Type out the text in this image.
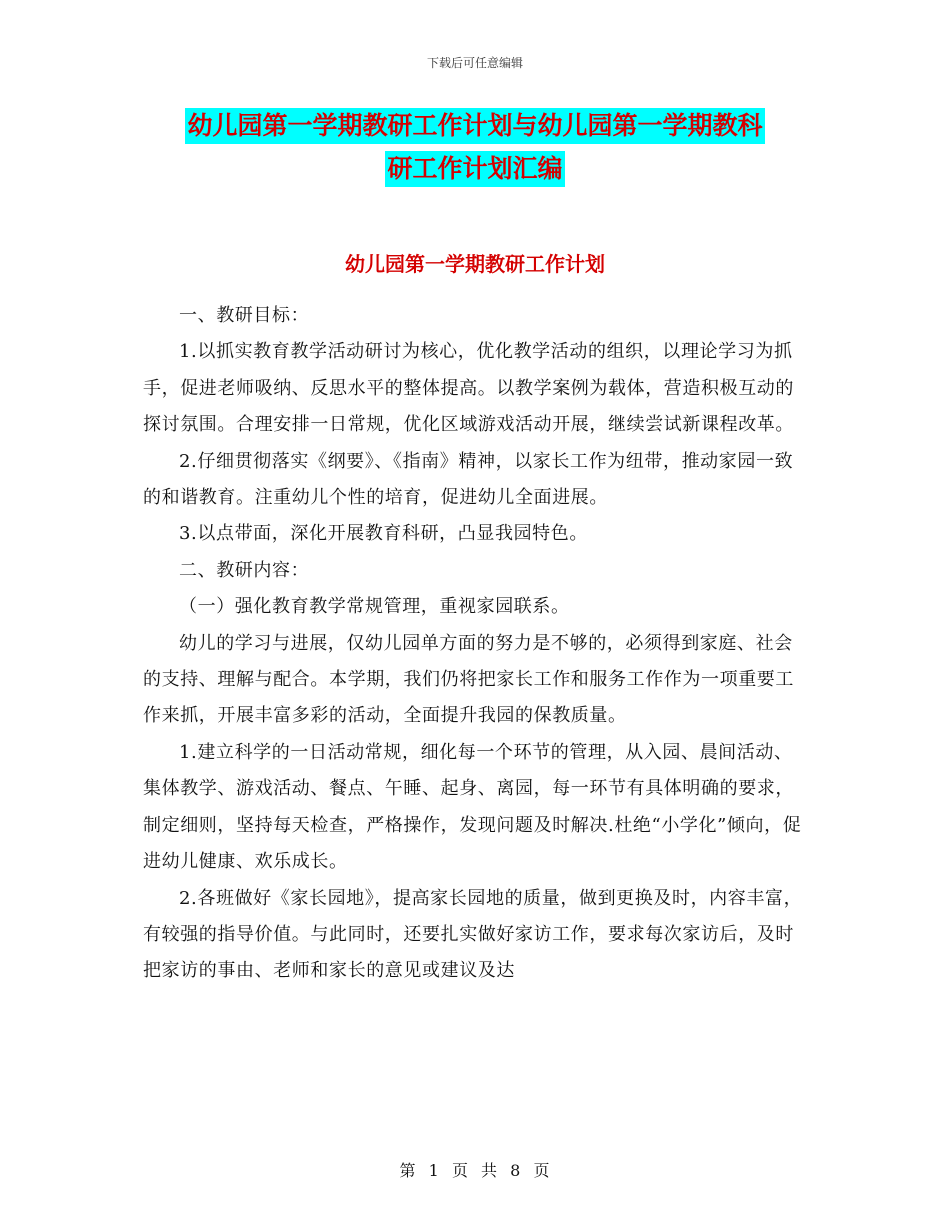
下载后可任意编辑
幼儿园第一学期教研工作计划与幼儿园第一学期教科
研工作计划汇编
幼儿园第一学期教研工作计划

一、教研目标：

1.以抓实教育教学活动研讨为核心，优化教学活动的组织，以理论学习为抓手，促进老师吸纳、反思水平的整体提高。以教学案例为载体，营造积极互动的探讨氛围。合理安排一日常规，优化区域游戏活动开展，继续尝试新课程改革。

2.仔细贯彻落实《纲要》、《指南》精神，以家长工作为纽带，推动家园一致的和谐教育。注重幼儿个性的培育，促进幼儿全面进展。

3.以点带面，深化开展教育科研，凸显我园特色。

二、教研内容：

（一）强化教育教学常规管理，重视家园联系。

幼儿的学习与进展，仅幼儿园单方面的努力是不够的，必须得到家庭、社会的支持、理解与配合。本学期，我们仍将把家长工作和服务工作作为一项重要工作来抓，开展丰富多彩的活动，全面提升我园的保教质量。

1.建立科学的一日活动常规，细化每一个环节的管理，从入园、晨间活动、集体教学、游戏活动、餐点、午睡、起身、离园，每一环节有具体明确的要求，制定细则，坚持每天检查，严格操作，发现问题及时解决.杜绝“小学化”倾向，促进幼儿健康、欢乐成长。

2.各班做好《家长园地》，提高家长园地的质量，做到更换及时，内容丰富，有较强的指导价值。与此同时，还要扎实做好家访工作，要求每次家访后，及时把家访的事由、老师和家长的意见或建议及达

第 1 页 共 8 页
